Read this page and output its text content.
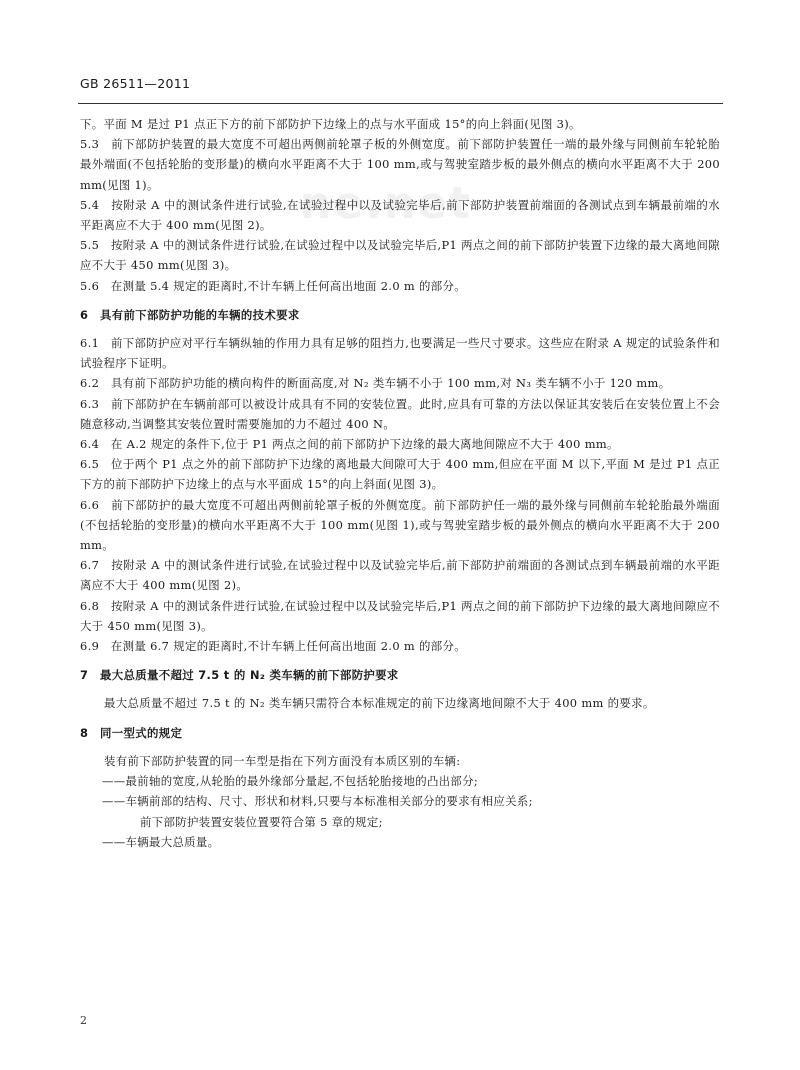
ne.net
GB 26511—2011

下。平面 M 是过 P1 点正下方的前下部防护下边缘上的点与水平面成 15°的向上斜面(见图 3)。

5.3　前下部防护装置的最大宽度不可超出两侧前轮罩子板的外侧宽度。前下部防护装置任一端的最外缘与同侧前车轮轮胎最外端面(不包括轮胎的变形量)的横向水平距离不大于 100 mm,或与驾驶室踏步板的最外侧点的横向水平距离不大于 200 mm(见图 1)。

5.4　按附录 A 中的测试条件进行试验,在试验过程中以及试验完毕后,前下部防护装置前端面的各测试点到车辆最前端的水平距离应不大于 400 mm(见图 2)。

5.5　按附录 A 中的测试条件进行试验,在试验过程中以及试验完毕后,P1 两点之间的前下部防护装置下边缘的最大离地间隙应不大于 450 mm(见图 3)。

5.6　在测量 5.4 规定的距离时,不计车辆上任何高出地面 2.0 m 的部分。

6　具有前下部防护功能的车辆的技术要求

6.1　前下部防护应对平行车辆纵轴的作用力具有足够的阻挡力,也要满足一些尺寸要求。这些应在附录 A 规定的试验条件和试验程序下证明。

6.2　具有前下部防护功能的横向构件的断面高度,对 N₂ 类车辆不小于 100 mm,对 N₃ 类车辆不小于 120 mm。

6.3　前下部防护在车辆前部可以被设计成具有不同的安装位置。此时,应具有可靠的方法以保证其安装后在安装位置上不会随意移动,当调整其安装位置时需要施加的力不超过 400 N。

6.4　在 A.2 规定的条件下,位于 P1 两点之间的前下部防护下边缘的最大离地间隙应不大于 400 mm。

6.5　位于两个 P1 点之外的前下部防护下边缘的离地最大间隙可大于 400 mm,但应在平面 M 以下,平面 M 是过 P1 点正下方的前下部防护下边缘上的点与水平面成 15°的向上斜面(见图 3)。

6.6　前下部防护的最大宽度不可超出两侧前轮罩子板的外侧宽度。前下部防护任一端的最外缘与同侧前车轮轮胎最外端面(不包括轮胎的变形量)的横向水平距离不大于 100 mm(见图 1),或与驾驶室踏步板的最外侧点的横向水平距离不大于 200 mm。

6.7　按附录 A 中的测试条件进行试验,在试验过程中以及试验完毕后,前下部防护前端面的各测试点到车辆最前端的水平距离应不大于 400 mm(见图 2)。

6.8　按附录 A 中的测试条件进行试验,在试验过程中以及试验完毕后,P1 两点之间的前下部防护下边缘的最大离地间隙应不大于 450 mm(见图 3)。

6.9　在测量 6.7 规定的距离时,不计车辆上任何高出地面 2.0 m 的部分。

7　最大总质量不超过 7.5 t 的 N₂ 类车辆的前下部防护要求

最大总质量不超过 7.5 t 的 N₂ 类车辆只需符合本标准规定的前下边缘离地间隙不大于 400 mm 的要求。

8　同一型式的规定

装有前下部防护装置的同一车型是指在下列方面没有本质区别的车辆:

——最前轴的宽度,从轮胎的最外缘部分量起,不包括轮胎接地的凸出部分;

——车辆前部的结构、尺寸、形状和材料,只要与本标准相关部分的要求有相应关系;

前下部防护装置安装位置要符合第 5 章的规定;

——车辆最大总质量。

2
